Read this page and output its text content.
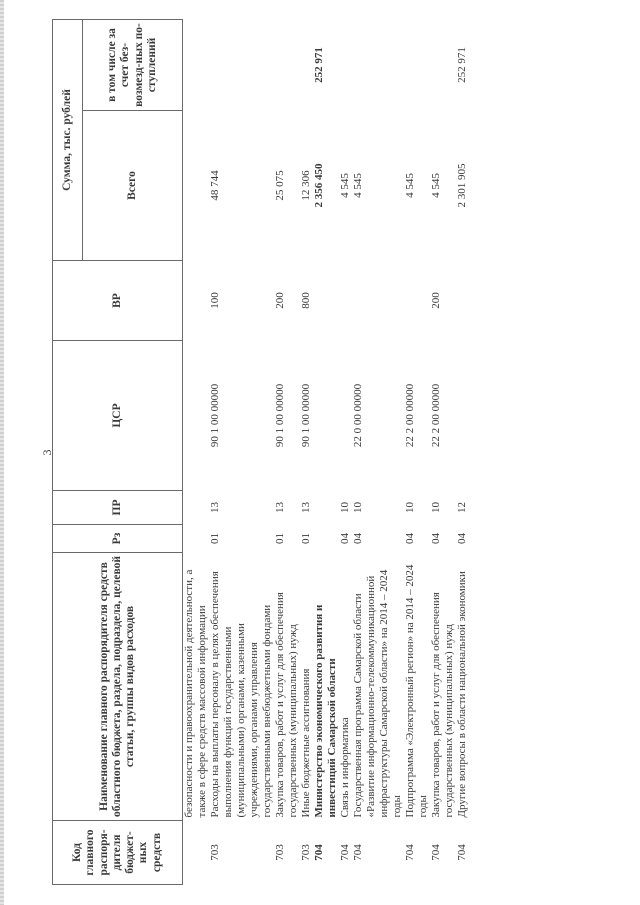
3
Код главного распоря-дителя бюджет-ных средств	Наименование главного распорядителя средств областного бюджета, раздела, подраздела, целевой статьи, группы видов расходов	Рз	ПР	ЦСР	ВР	Сумма, тыс. рублей	
						Всего	в том числе за счет без-возмезд-ных по-ступлений
	безопасности и правоохранительной деятельности, а также в сфере средств массовой информации						
703	Расходы на выплаты персоналу в целях обеспечения выполнения функций государственными (муниципальными) органами, казенными учреждениями, органами управления государственными внебюджетными фондами	01	13	90 1 00 00000	100	48 744	
703	Закупка товаров, работ и услуг для обеспечения государственных (муниципальных) нужд	01	13	90 1 00 00000	200	25 075	
703	Иные бюджетные ассигнования	01	13	90 1 00 00000	800	12 306	
704	Министерство экономического развития и инвестиций Самарской области					2 356 450	252 971
704	Связь и информатика	04	10			4 545	
704	Государственная программа Самарской области «Развитие информационно-телекоммуникационной инфраструктуры Самарской области» на 2014 – 2024 годы	04	10	22 0 00 00000		4 545	
704	Подпрограмма «Электронный регион» на 2014 – 2024 годы	04	10	22 2 00 00000		4 545	
704	Закупка товаров, работ и услуг для обеспечения государственных (муниципальных) нужд	04	10	22 2 00 00000	200	4 545	
704	Другие вопросы в области национальной экономики	04	12			2 301 905	252 971
